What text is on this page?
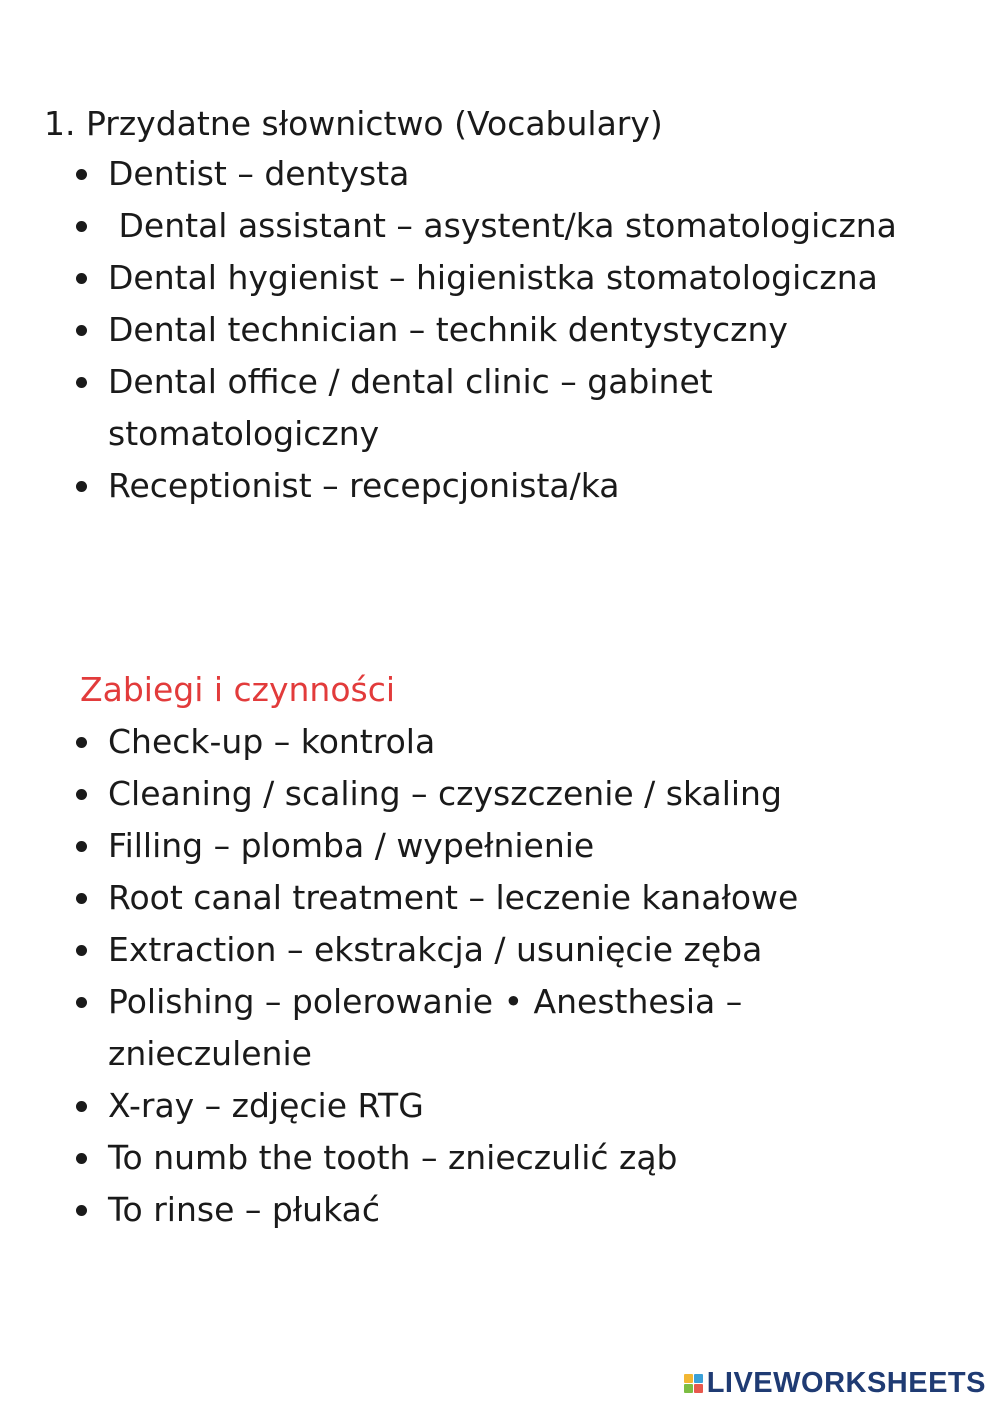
1. Przydatne słownictwo (Vocabulary)
Dentist – dentysta
Dental assistant – asystent/ka stomatologiczna
Dental hygienist – higienistka stomatologiczna
Dental technician – technik dentystyczny
Dental office / dental clinic – gabinet stomatologiczny
Receptionist – recepcjonista/ka
Zabiegi i czynności
Check-up – kontrola
Cleaning / scaling – czyszczenie / skaling
Filling – plomba / wypełnienie
Root canal treatment – leczenie kanałowe
Extraction – ekstrakcja / usunięcie zęba
Polishing – polerowanie • Anesthesia – znieczulenie
X-ray – zdjęcie RTG
To numb the tooth – znieczulić ząb
To rinse – płukać
LIVEWORKSHEETS
